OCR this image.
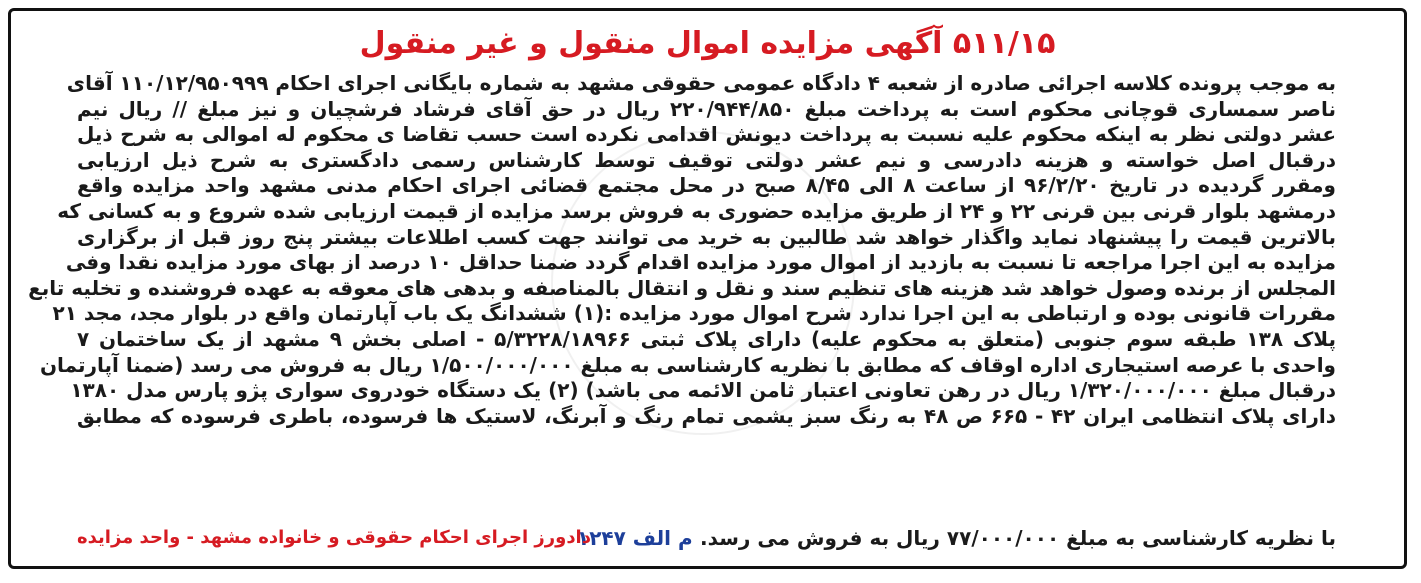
۵۱۱/۱۵ آگهی مزایده اموال منقول و غیر منقول
به موجب پرونده کلاسه اجرائی صادره از شعبه ۴ دادگاه عمومی حقوقی مشهد به شماره بایگانی اجرای احکام ۱۱۰/۱۲/۹۵۰۹۹۹ آقای
ناصر سمساری قوچانی محکوم است به پرداخت مبلغ ۲۲۰/۹۴۴/۸۵۰ ریال در حق آقای فرشاد فرشچیان و نیز مبلغ // ریال نیم
عشر دولتی نظر به اینکه محکوم علیه نسبت به پرداخت دیونش اقدامی نکرده است حسب تقاضا ی محکوم له اموالی به شرح ذیل
درقبال اصل خواسته و هزینه دادرسی و نیم عشر دولتی توقیف توسط کارشناس رسمی دادگستری به شرح ذیل ارزیابی
ومقرر گردیده در تاریخ ۹۶/۲/۲۰ از ساعت ۸ الی ۸/۴۵ صبح در محل مجتمع قضائی اجرای احکام مدنی مشهد واحد مزایده واقع
درمشهد بلوار قرنی بین قرنی ۲۲ و ۲۴ از طریق مزایده حضوری به فروش برسد مزایده از قیمت ارزیابی شده شروع و به کسانی که
بالاترین قیمت را پیشنهاد نماید واگذار خواهد شد طالبین به خرید می توانند جهت کسب اطلاعات بیشتر پنج روز قبل از برگزاری
مزایده به این اجرا مراجعه تا نسبت به بازدید از اموال مورد مزایده اقدام گردد ضمنا حداقل ۱۰ درصد از بهای مورد مزایده نقدا وفی
المجلس از برنده وصول خواهد شد هزینه های تنظیم سند و نقل و انتقال بالمناصفه و بدهی های معوقه به عهده فروشنده و تخلیه تابع
مقررات قانونی بوده و ارتباطی به این اجرا ندارد شرح اموال مورد مزایده :(۱) ششدانگ یک باب آپارتمان واقع در بلوار مجد، مجد ۲۱
پلاک ۱۳۸ طبقه سوم جنوبی (متعلق به محکوم علیه) دارای پلاک ثبتی ۵/۳۲۲۸/۱۸۹۶۶ - اصلی بخش ۹ مشهد از یک ساختمان ۷
واحدی با عرصه استیجاری اداره اوقاف که مطابق با نظریه کارشناسی به مبلغ ۱/۵۰۰/۰۰۰/۰۰۰ ریال به فروش می رسد (ضمنا آپارتمان
درقبال مبلغ ۱/۳۲۰/۰۰۰/۰۰۰ ریال در رهن تعاونی اعتبار ثامن الائمه می باشد) (۲) یک دستگاه خودروی سواری پژو پارس مدل ۱۳۸۰
دارای پلاک انتظامی ایران ۴۲ - ۶۶۵ ص ۴۸ به رنگ سبز یشمی تمام رنگ و آبرنگ، لاستیک ها فرسوده، باطری فرسوده که مطابق
با نظریه کارشناسی به مبلغ ۷۷/۰۰۰/۰۰۰ ریال به فروش می رسد.
م الف ۱۲۴۷
دادورز اجرای احکام حقوقی و خانواده مشهد - واحد مزایده
